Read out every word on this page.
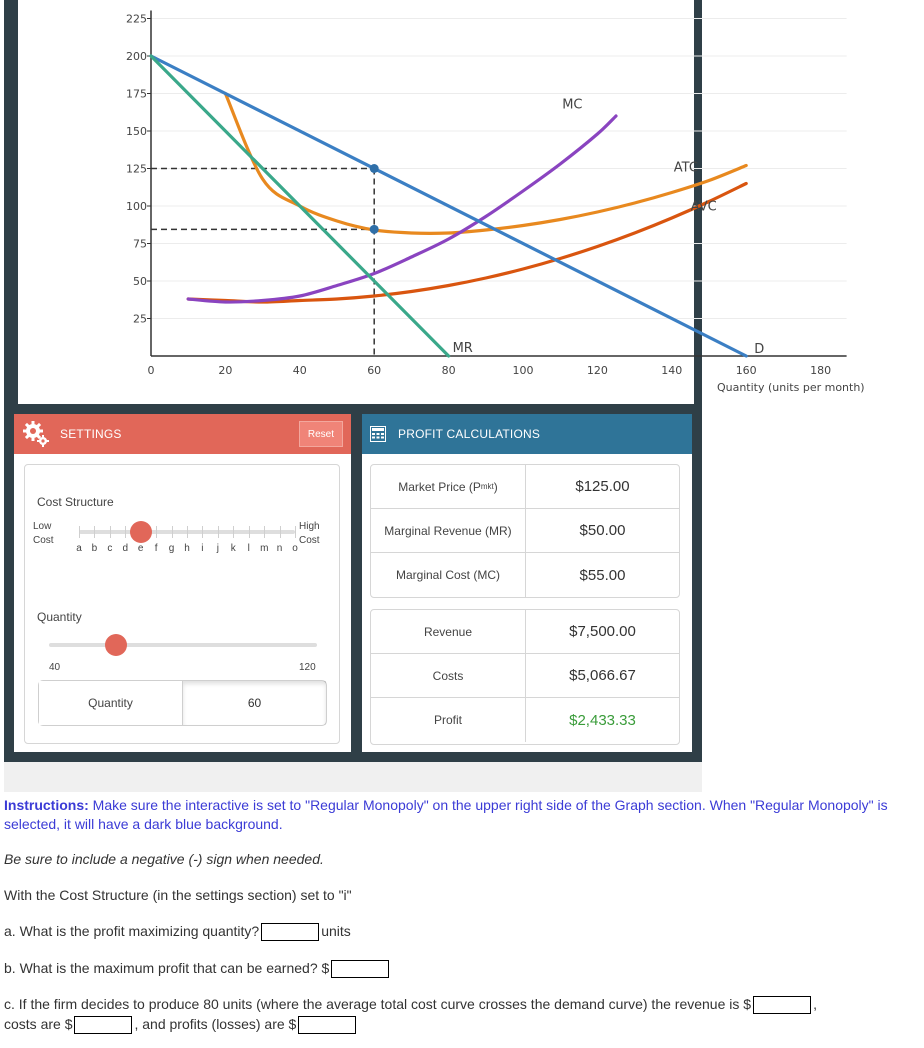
25
50
75
100
125
150
175
200
225
0	20	40	60	80	100	120	140	160	180
Quantity (units per month)
MC
ATC
AVC
MR	D
SETTINGS	Reset
Cost Structure
Low Cost
High Cost
a b c d e f g h i j k l m n o
Quantity
40	120
Quantity	60
PROFIT CALCULATIONS
Market Price (P mkt )	$125.00
Marginal Revenue (MR)	$50.00
Marginal Cost (MC)	$55.00
Revenue	$7,500.00
Costs	$5,066.67
Profit	$2,433.33
Instructions: Make sure the interactive is set to "Regular Monopoly" on the upper right side of the Graph section. When "Regular Monopoly" is selected, it will have a dark blue background.
Be sure to include a negative (-) sign when needed.
With the Cost Structure (in the settings section) set to "i"
a. What is the profit maximizing quantity?	units
b. What is the maximum profit that can be earned? $
c. If the firm decides to produce 80 units (where the average total cost curve crosses the demand curve) the revenue is $	,
costs are $	, and profits (losses) are $
